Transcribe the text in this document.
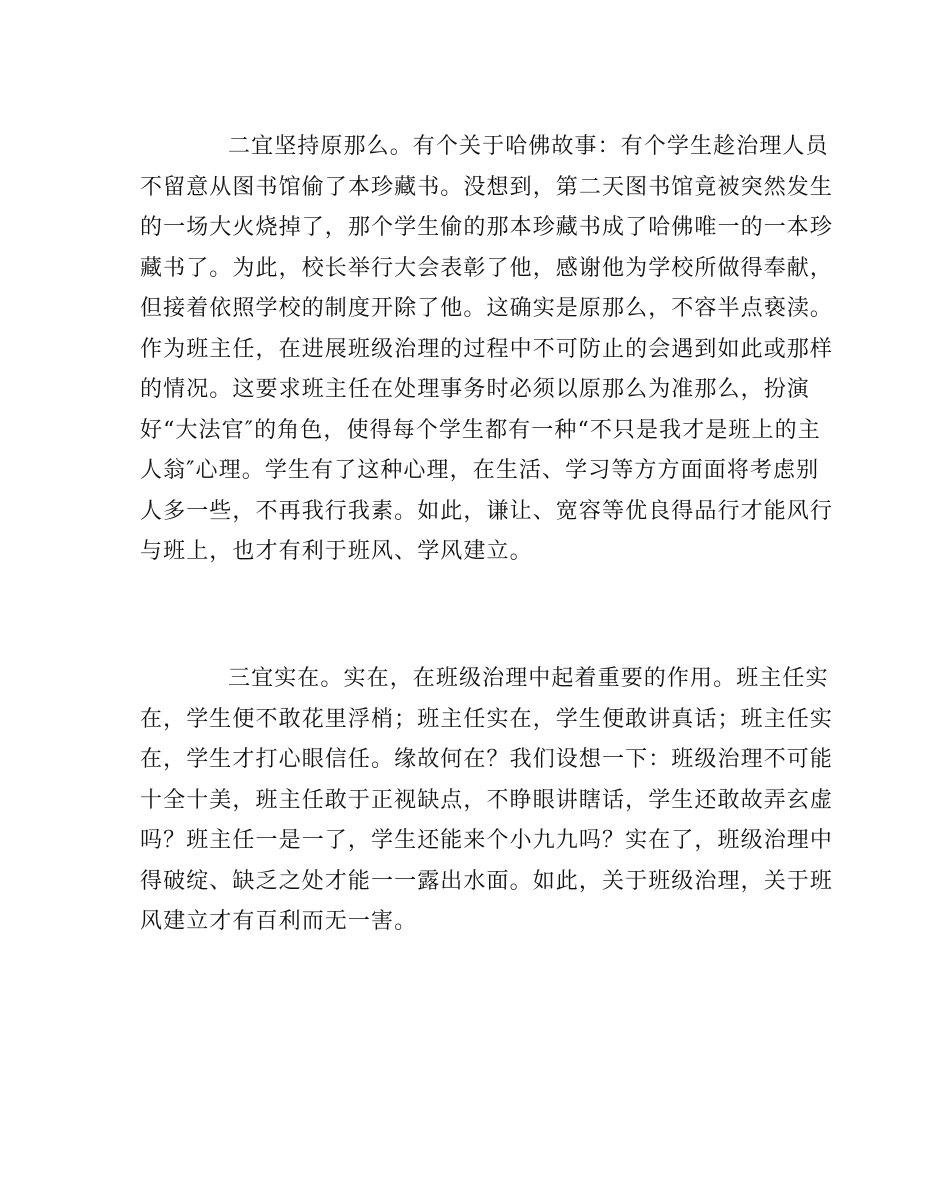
二宜坚持原那么。有个关于哈佛故事：有个学生趁治理人员
不留意从图书馆偷了本珍藏书。没想到，第二天图书馆竟被突然发生
的一场大火烧掉了，那个学生偷的那本珍藏书成了哈佛唯一的一本珍
藏书了。为此，校长举行大会表彰了他，感谢他为学校所做得奉献，
但接着依照学校的制度开除了他。这确实是原那么，不容半点亵渎。
作为班主任，在进展班级治理的过程中不可防止的会遇到如此或那样
的情况。这要求班主任在处理事务时必须以原那么为准那么，扮演
好“大法官″的角色，使得每个学生都有一种“不只是我才是班上的主
人翁″心理。学生有了这种心理，在生活、学习等方方面面将考虑别
人多一些，不再我行我素。如此，谦让、宽容等优良得品行才能风行
与班上，也才有利于班风、学风建立。
三宜实在。实在，在班级治理中起着重要的作用。班主任实
在，学生便不敢花里浮梢；班主任实在，学生便敢讲真话；班主任实
在，学生才打心眼信任。缘故何在？我们设想一下：班级治理不可能
十全十美，班主任敢于正视缺点，不睁眼讲瞎话，学生还敢故弄玄虚
吗？班主任一是一了，学生还能来个小九九吗？实在了，班级治理中
得破绽、缺乏之处才能一一露出水面。如此，关于班级治理，关于班
风建立才有百利而无一害。
